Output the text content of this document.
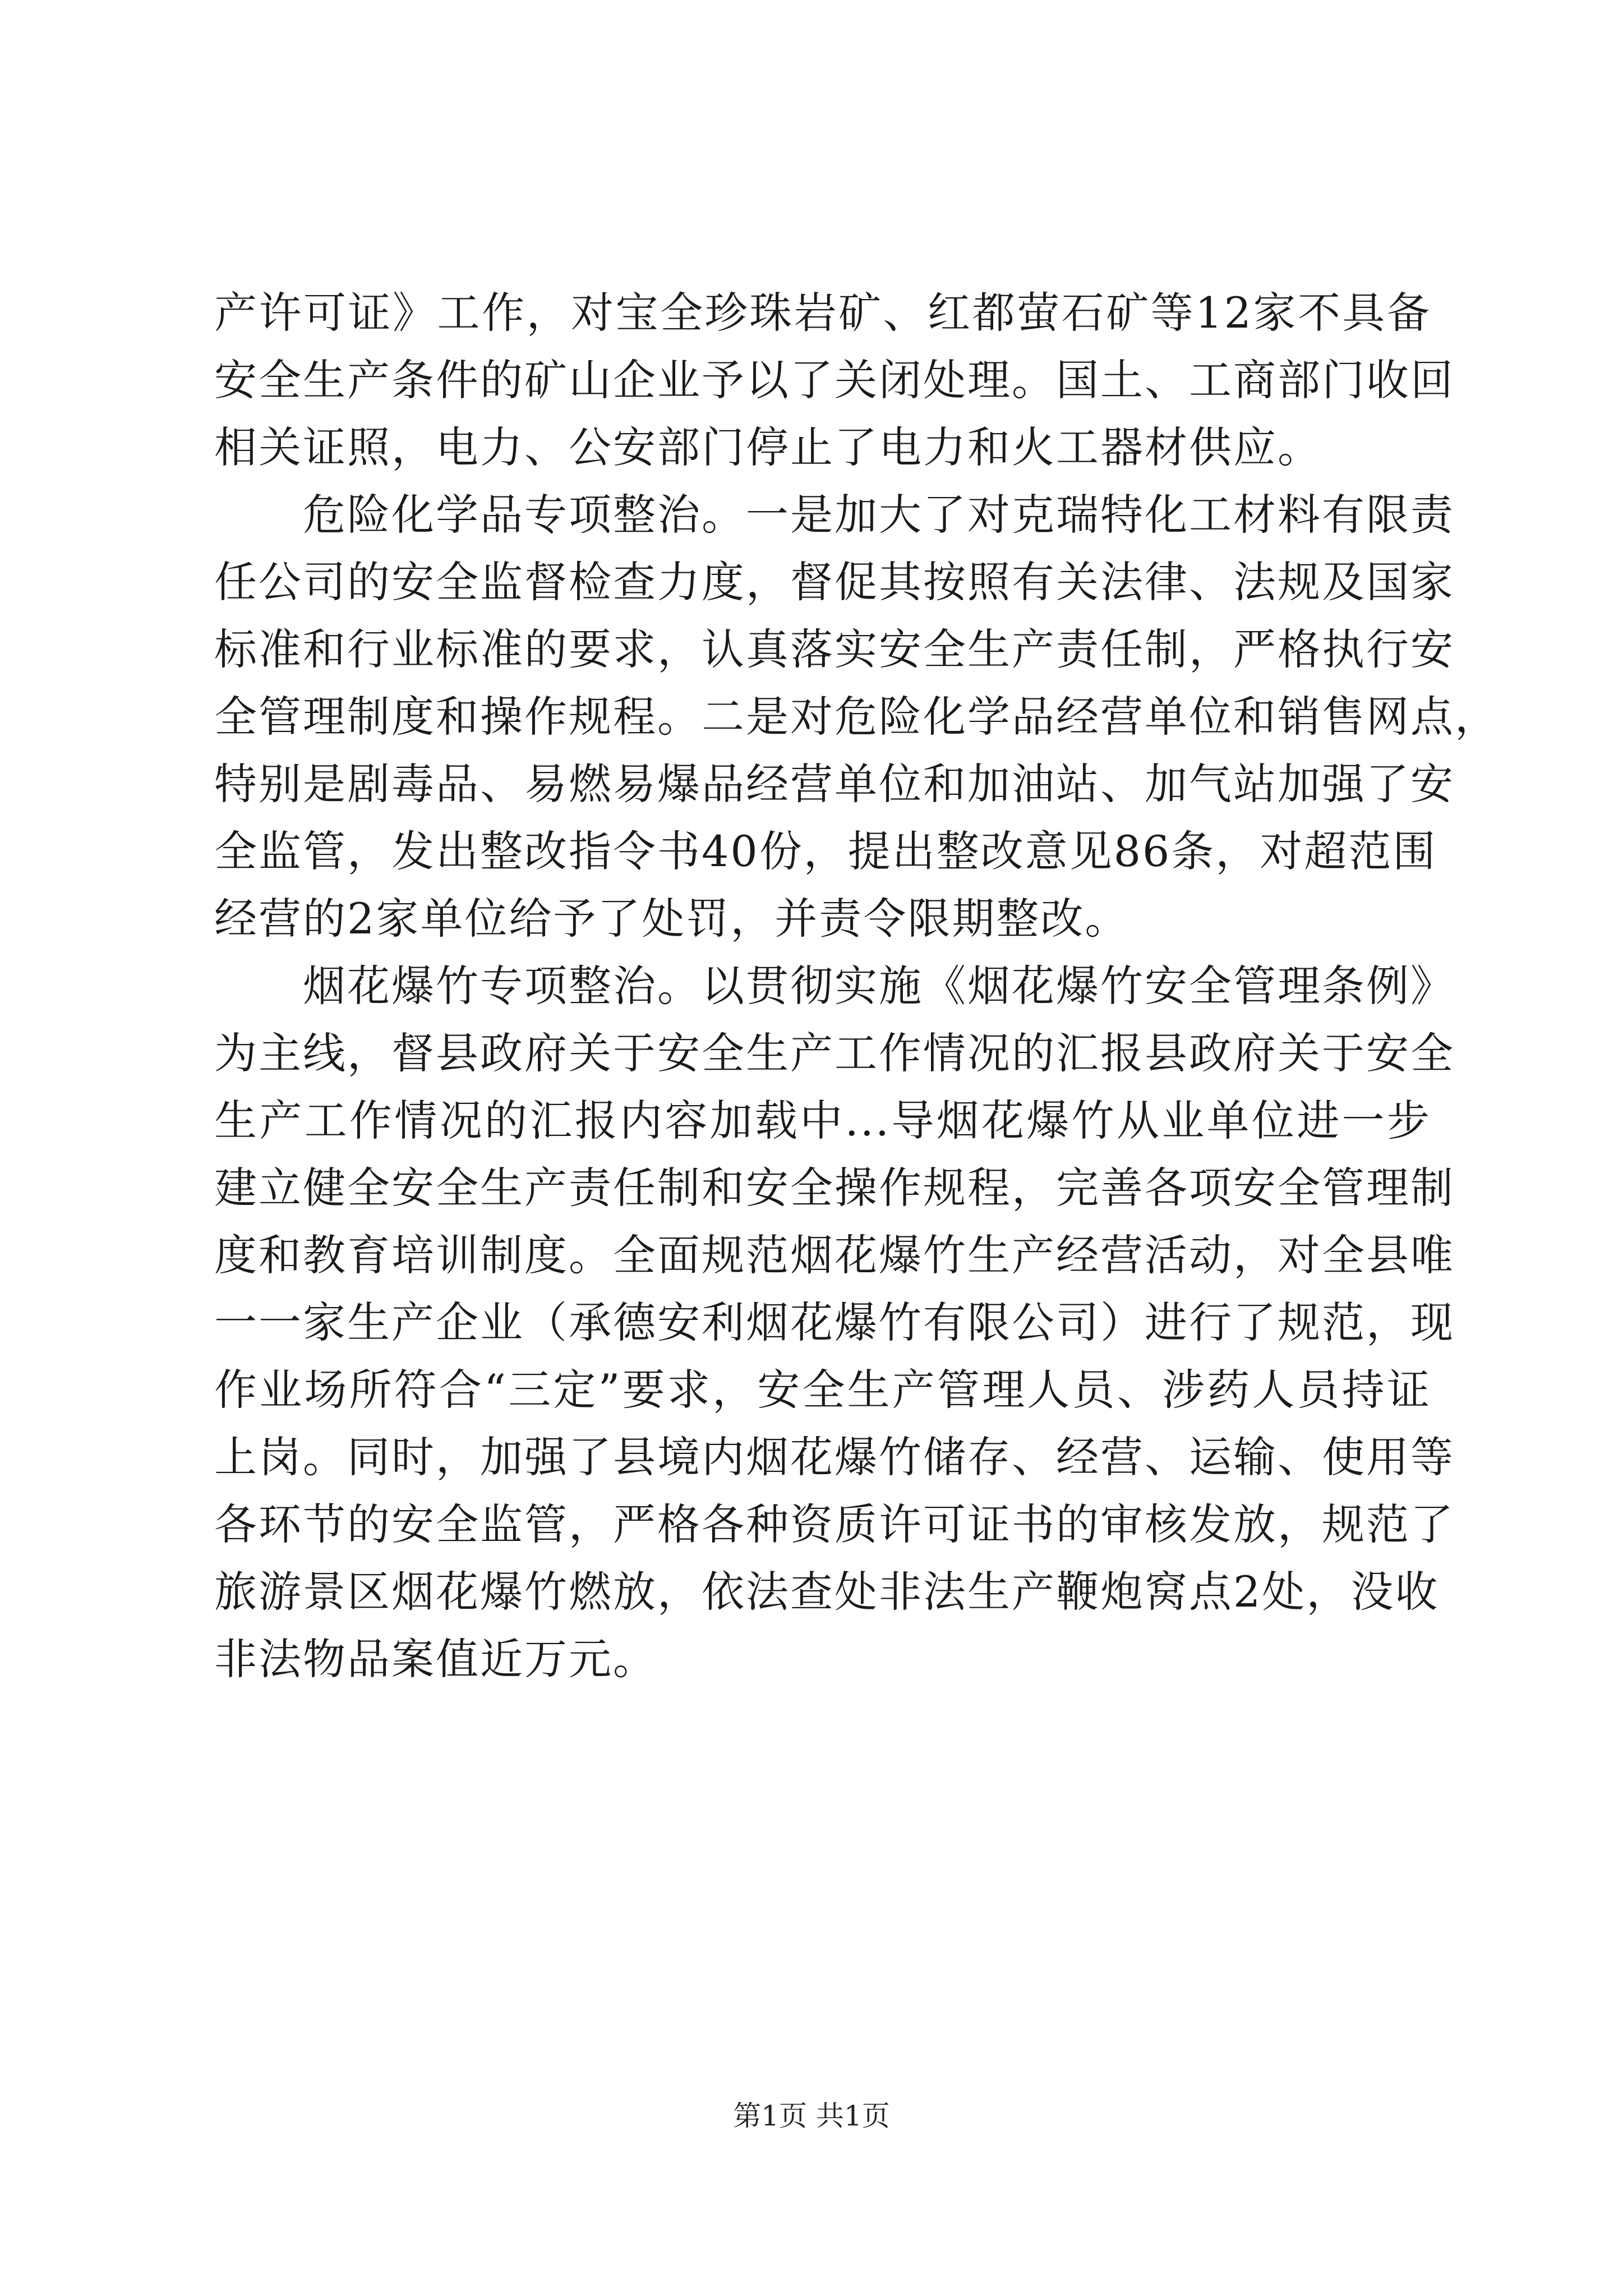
产许可证》工作，对宝全珍珠岩矿、红都萤石矿等12家不具备
安全生产条件的矿山企业予以了关闭处理。国土、工商部门收回
相关证照，电力、公安部门停止了电力和火工器材供应。
危险化学品专项整治。一是加大了对克瑞特化工材料有限责
任公司的安全监督检查力度，督促其按照有关法律、法规及国家
标准和行业标准的要求，认真落实安全生产责任制，严格执行安
全管理制度和操作规程。二是对危险化学品经营单位和销售网点，
特别是剧毒品、易燃易爆品经营单位和加油站、加气站加强了安
全监管，发出整改指令书40份，提出整改意见86条，对超范围
经营的2家单位给予了处罚，并责令限期整改。
烟花爆竹专项整治。以贯彻实施《烟花爆竹安全管理条例》
为主线，督县政府关于安全生产工作情况的汇报县政府关于安全
生产工作情况的汇报内容加载中...导烟花爆竹从业单位进一步
建立健全安全生产责任制和安全操作规程，完善各项安全管理制
度和教育培训制度。全面规范烟花爆竹生产经营活动，对全县唯
一一家生产企业（承德安利烟花爆竹有限公司）进行了规范，现
作业场所符合“三定”要求，安全生产管理人员、涉药人员持证
上岗。同时，加强了县境内烟花爆竹储存、经营、运输、使用等
各环节的安全监管，严格各种资质许可证书的审核发放，规范了
旅游景区烟花爆竹燃放，依法查处非法生产鞭炮窝点2处，没收
非法物品案值近万元。
第1页 共1页
